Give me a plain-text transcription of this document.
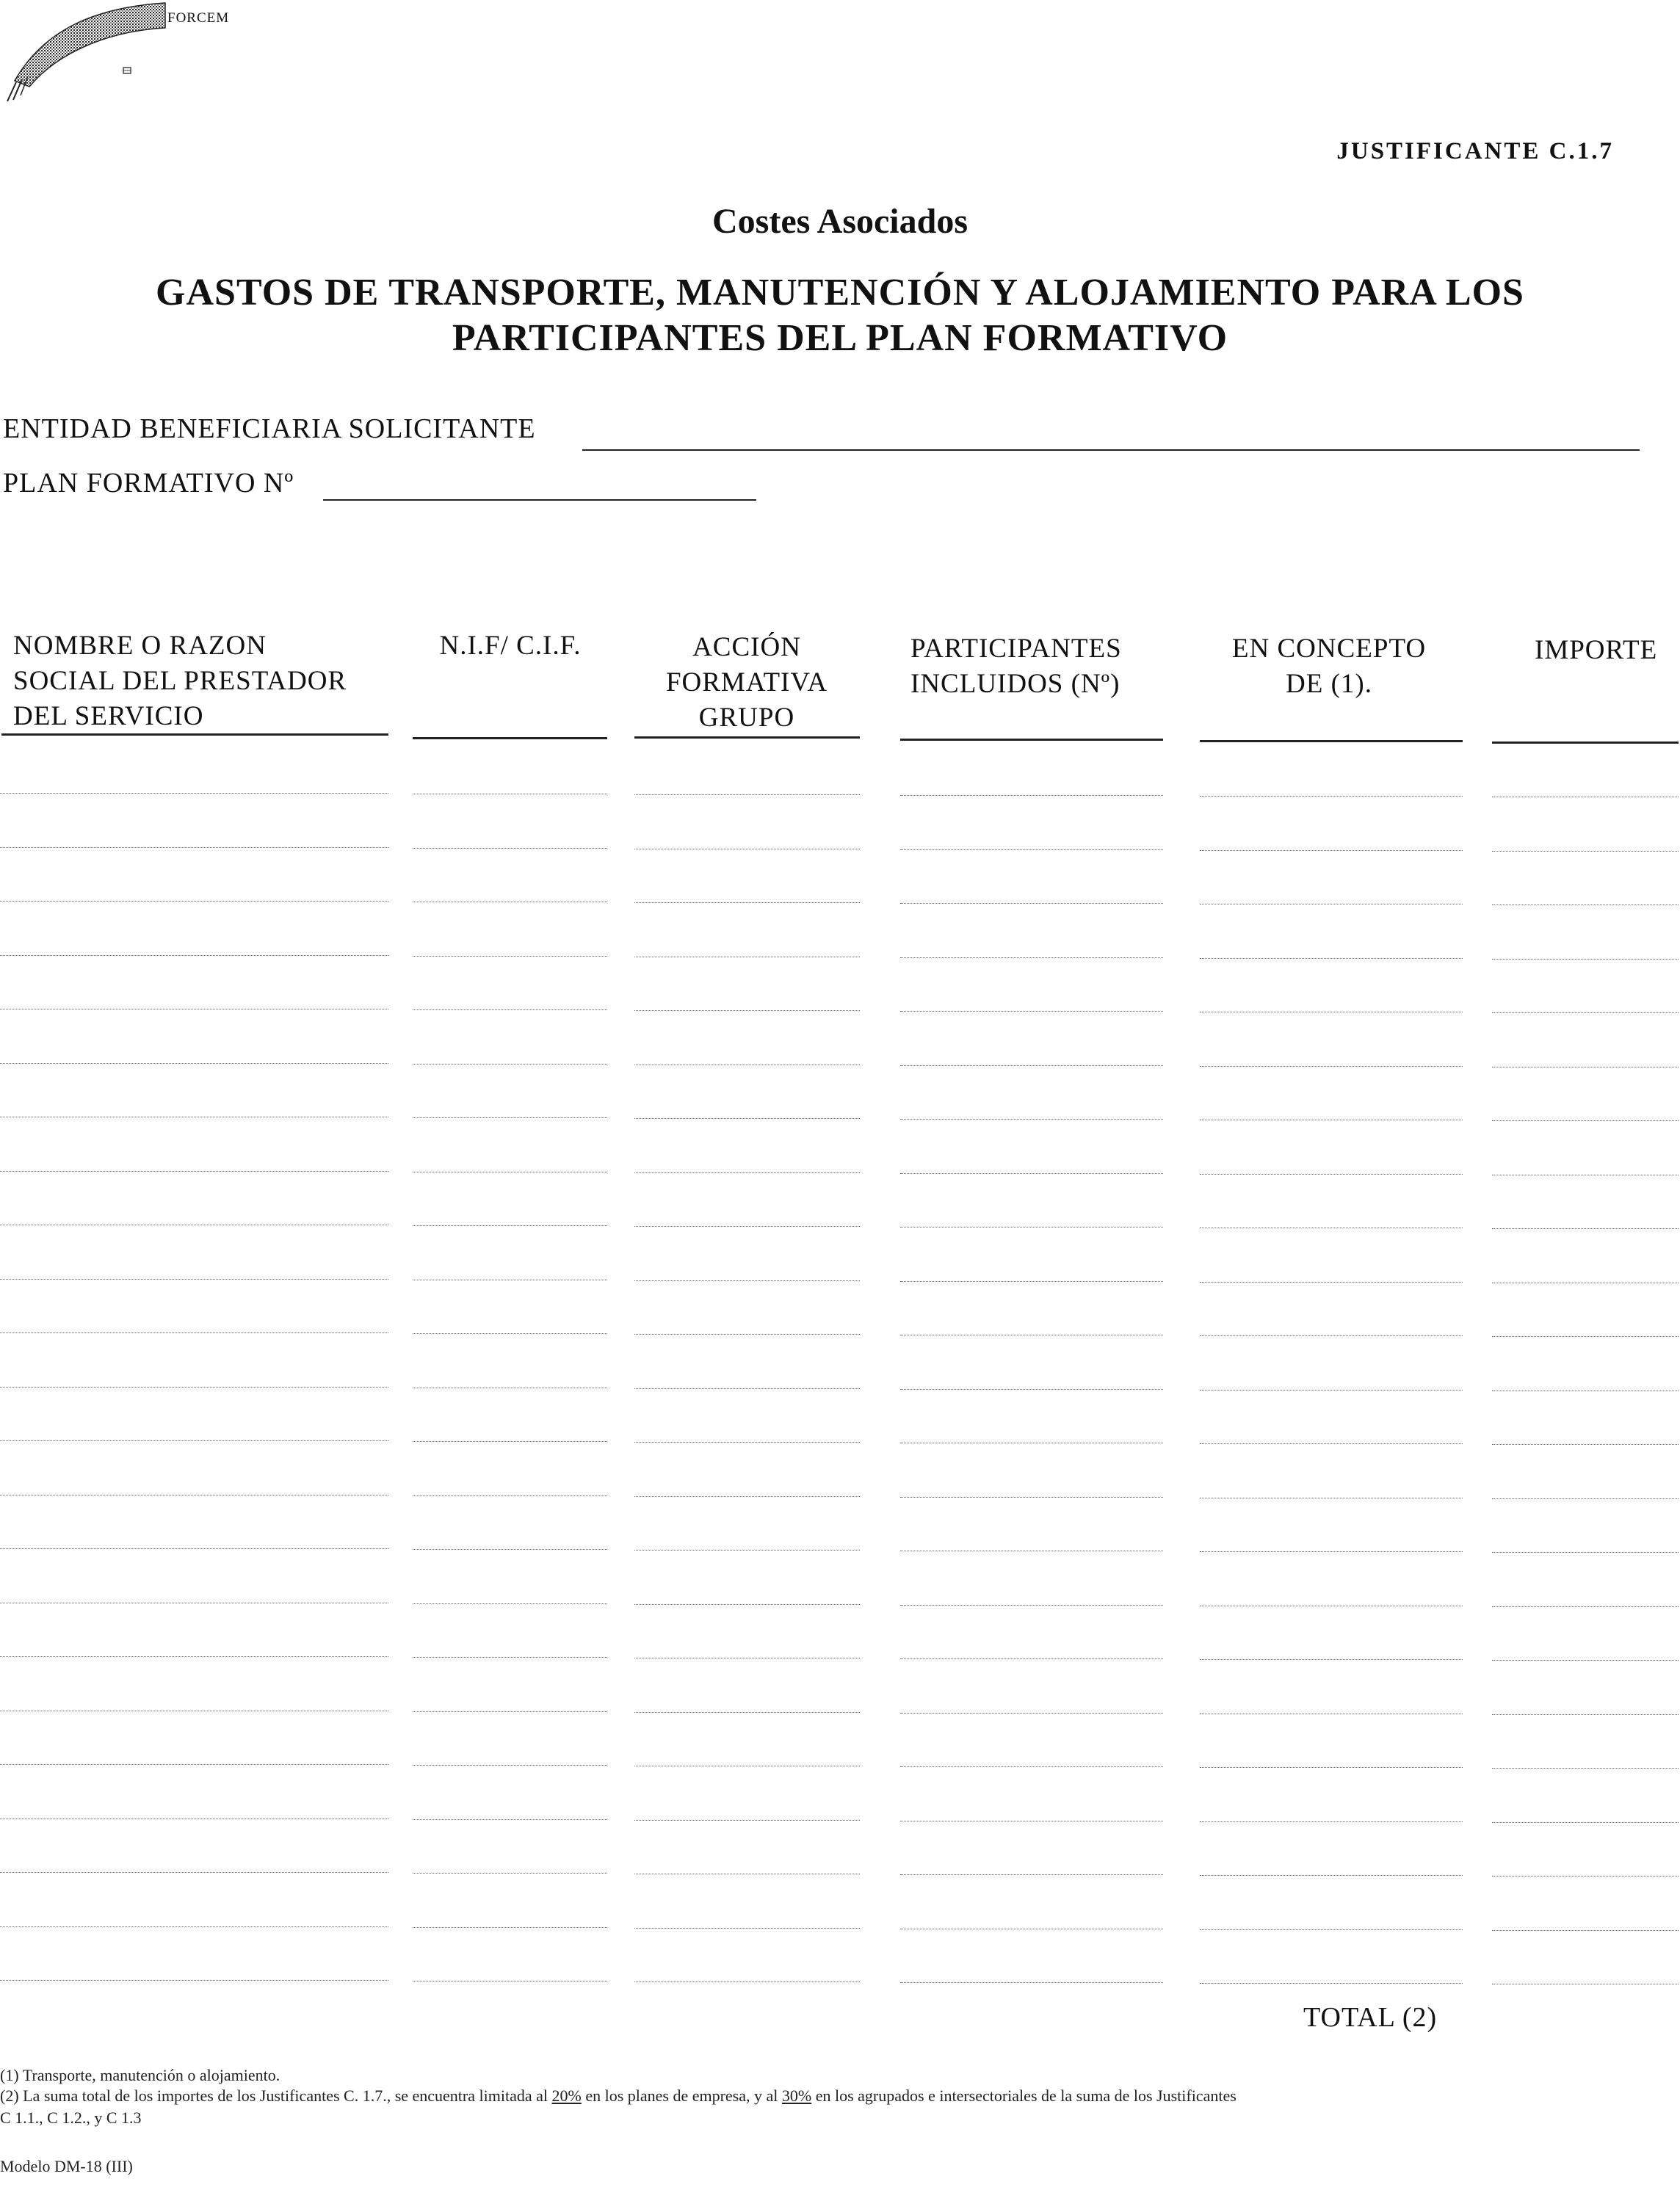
FORCEM
JUSTIFICANTE C.1.7
Costes Asociados
GASTOS DE TRANSPORTE, MANUTENCIÓN Y ALOJAMIENTO PARA LOS
PARTICIPANTES DEL PLAN FORMATIVO
ENTIDAD BENEFICIARIA SOLICITANTE
PLAN FORMATIVO Nº
NOMBRE O RAZON
SOCIAL DEL PRESTADOR
DEL SERVICIO
N.I.F/ C.I.F.	ACCIÓN
FORMATIVA
GRUPO
PARTICIPANTES
INCLUIDOS (Nº)
EN CONCEPTO
DE (1).
IMPORTE
TOTAL (2)
(1) Transporte, manutención o alojamiento.
(2) La suma total de los importes de los Justificantes C. 1.7., se encuentra limitada al 20% en los planes de empresa, y al 30% en los agrupados e intersectoriales de la suma de los Justificantes
C 1.1., C 1.2., y C 1.3
Modelo DM-18 (III)
